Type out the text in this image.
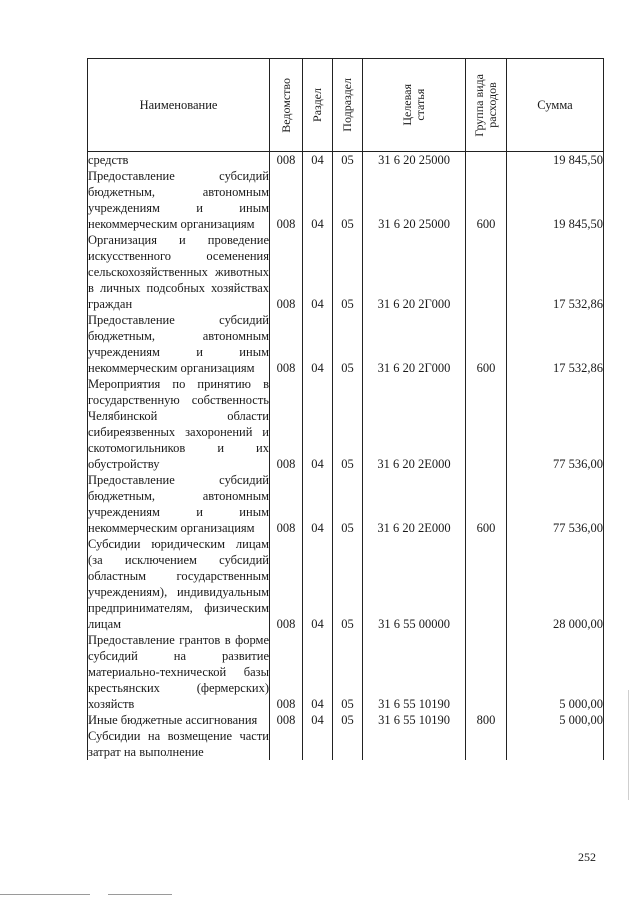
Наименование	Ведомство	Раздел	Подраздел	Целевая статья	Группа вида расходов	Сумма
средств	008	04	05	31 6 20 25000		19 845,50
Предоставление субсидий бюджетным, автономным учреждениям и иным некоммерческим организациям	008	04	05	31 6 20 25000	600	19 845,50
Организация и проведение искусственного осеменения сельскохозяйственных животных в личных подсобных хозяйствах граждан	008	04	05	31 6 20 2Г000		17 532,86
Предоставление субсидий бюджетным, автономным учреждениям и иным некоммерческим организациям	008	04	05	31 6 20 2Г000	600	17 532,86
Мероприятия по принятию в государственную собственность Челябинской области сибиреязвенных захоронений и скотомогильников и их обустройству	008	04	05	31 6 20 2Е000		77 536,00
Предоставление субсидий бюджетным, автономным учреждениям и иным некоммерческим организациям	008	04	05	31 6 20 2Е000	600	77 536,00
Субсидии юридическим лицам (за исключением субсидий областным государственным учреждениям), индивидуальным предпринимателям, физическим лицам	008	04	05	31 6 55 00000		28 000,00
Предоставление грантов в форме субсидий на развитие материально-технической базы крестьянских (фермерских) хозяйств	008	04	05	31 6 55 10190		5 000,00
Иные бюджетные ассигнования	008	04	05	31 6 55 10190	800	5 000,00
Субсидии на возмещение части затрат на выполнение						
252
